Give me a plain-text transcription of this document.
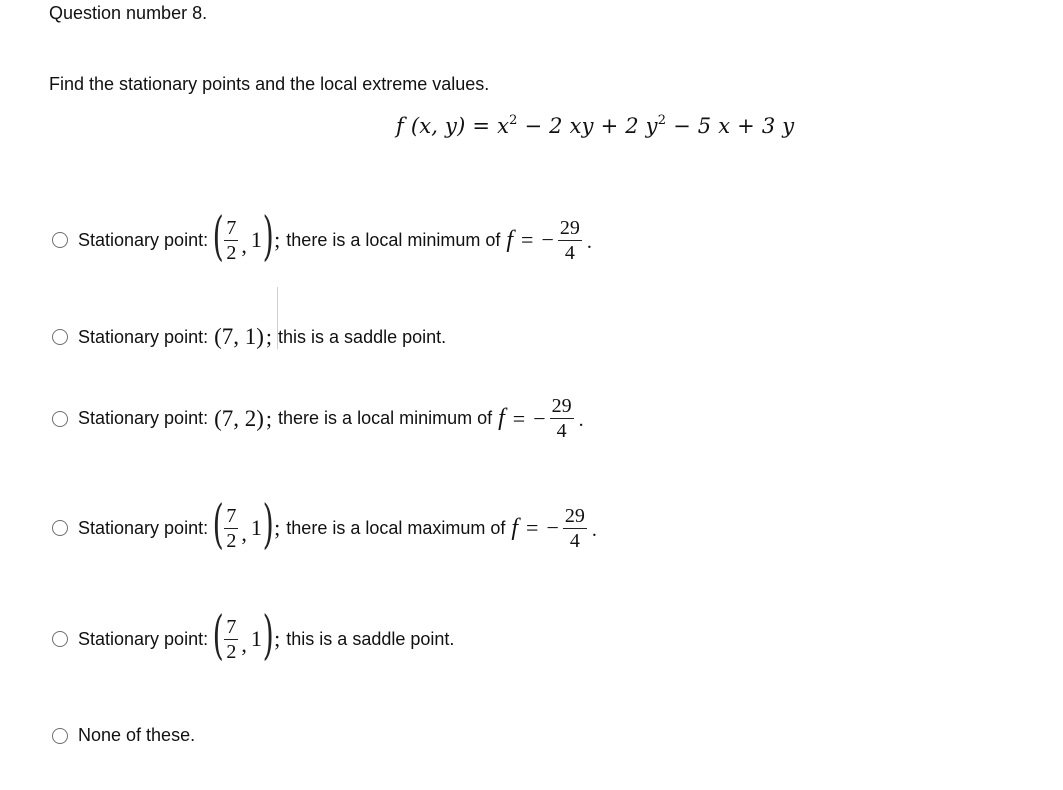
Question number 8.
Find the stationary points and the local extreme values.
f (x, $y) = x^2 - 2$ xy + 2 $y^2 - 5$ x + 3 y
Stationary point: ( $\frac{7}{2}$ , 1 ) ; there is a local minimum of f = − $\frac{29}{4}$ .
Stationary point: (7, 1) ; this is a saddle point.
Stationary point: (7, 2) ; there is a local minimum of f = − $\frac{29}{4}$ .
Stationary point: ( $\frac{7}{2}$ , 1 ) ; there is a local maximum of f = − $\frac{29}{4}$ .
Stationary point: ( $\frac{7}{2}$ , 1 ) ; this is a saddle point.
None of these.
